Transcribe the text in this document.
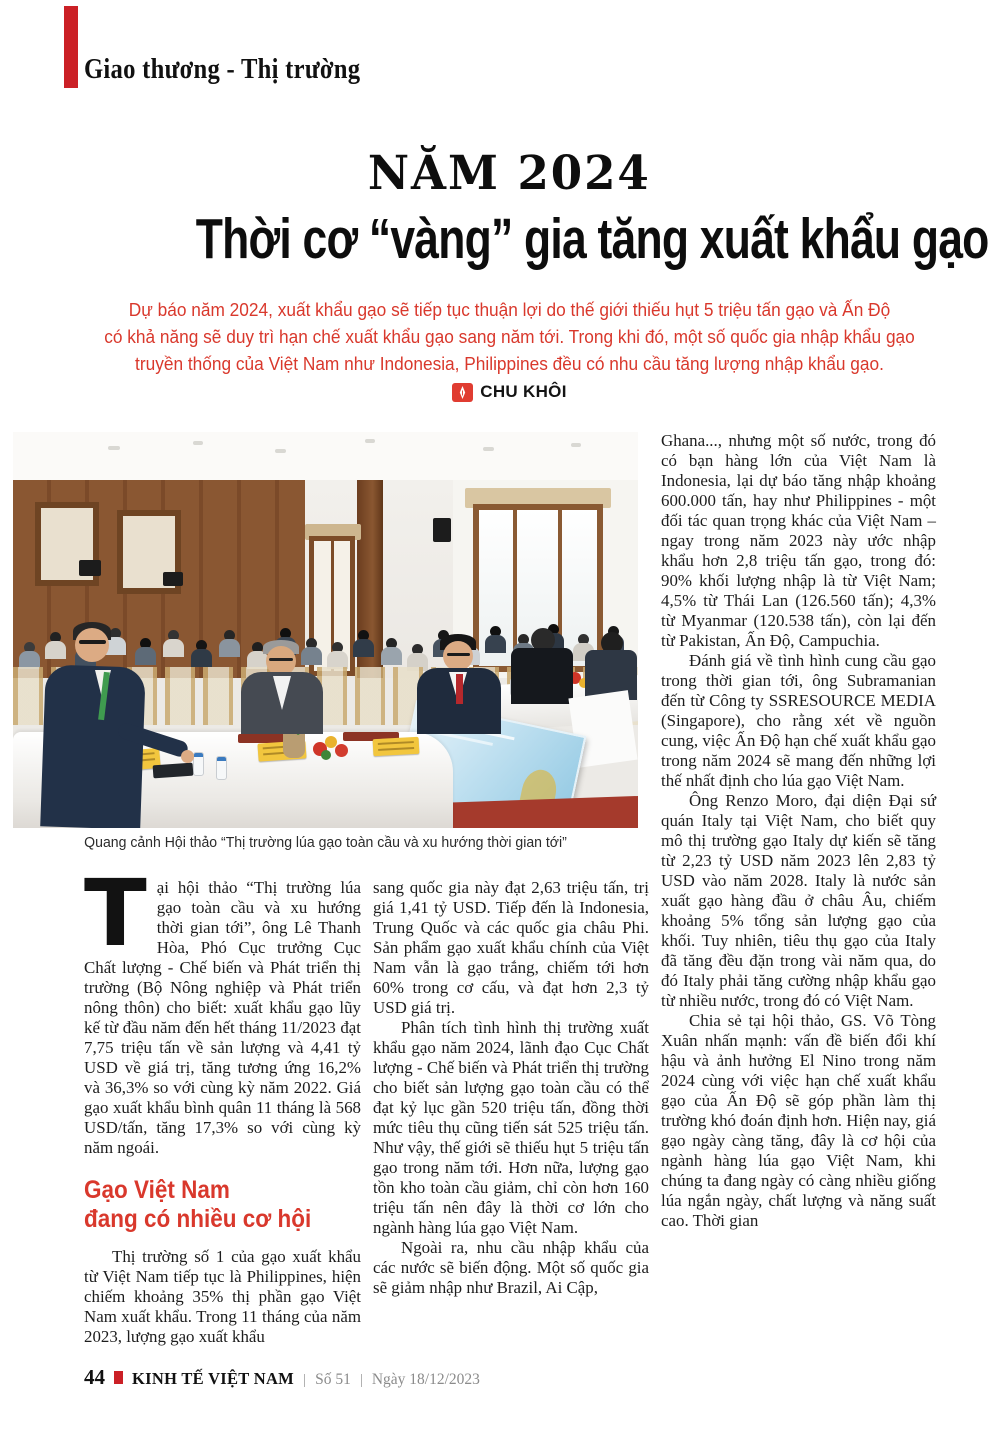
Giao thương - Thị trường
NĂM 2024
Thời cơ “vàng” gia tăng xuất khẩu gạo
Dự báo năm 2024, xuất khẩu gạo sẽ tiếp tục thuận lợi do thế giới thiếu hụt 5 triệu tấn gạo và Ấn Độ
có khả năng sẽ duy trì hạn chế xuất khẩu gạo sang năm tới. Trong khi đó, một số quốc gia nhập khẩu gạo
truyền thống của Việt Nam như Indonesia, Philippines đều có nhu cầu tăng lượng nhập khẩu gạo.
CHU KHÔI
Quang cảnh Hội thảo “Thị trường lúa gạo toàn cầu và xu hướng thời gian tới”

Tại hội thảo “Thị trường lúa gạo toàn cầu và xu hướng thời gian tới”, ông Lê Thanh Hòa, Phó Cục trưởng Cục Chất lượng - Chế biến và Phát triển thị trường (Bộ Nông nghiệp và Phát triển nông thôn) cho biết: xuất khẩu gạo lũy kế từ đầu năm đến hết tháng 11/2023 đạt 7,75 triệu tấn về sản lượng và 4,41 tỷ USD về giá trị, tăng tương ứng 16,2% và 36,3% so với cùng kỳ năm 2022. Giá gạo xuất khẩu bình quân 11 tháng là 568 USD/tấn, tăng 17,3% so với cùng kỳ năm ngoái.

Gạo Việt Nam
đang có nhiều cơ hội

Thị trường số 1 của gạo xuất khẩu từ Việt Nam tiếp tục là Philippines, hiện chiếm khoảng 35% thị phần gạo Việt Nam xuất khẩu. Trong 11 tháng của năm 2023, lượng gạo xuất khẩu

sang quốc gia này đạt 2,63 triệu tấn, trị giá 1,41 tỷ USD. Tiếp đến là Indonesia, Trung Quốc và các quốc gia châu Phi. Sản phẩm gạo xuất khẩu chính của Việt Nam vẫn là gạo trắng, chiếm tới hơn 60% trong cơ cấu, và đạt hơn 2,3 tỷ USD giá trị.

Phân tích tình hình thị trường xuất khẩu gạo năm 2024, lãnh đạo Cục Chất lượng - Chế biến và Phát triển thị trường cho biết sản lượng gạo toàn cầu có thể đạt kỷ lục gần 520 triệu tấn, đồng thời mức tiêu thụ cũng tiến sát 525 triệu tấn. Như vậy, thế giới sẽ thiếu hụt 5 triệu tấn gạo trong năm tới. Hơn nữa, lượng gạo tồn kho toàn cầu giảm, chỉ còn hơn 160 triệu tấn nên đây là thời cơ lớn cho ngành hàng lúa gạo Việt Nam.

Ngoài ra, nhu cầu nhập khẩu của các nước sẽ biến động. Một số quốc gia sẽ giảm nhập như Brazil, Ai Cập,

Ghana..., nhưng một số nước, trong đó có bạn hàng lớn của Việt Nam là Indonesia, lại dự báo tăng nhập khoảng 600.000 tấn, hay như Philippines - một đối tác quan trọng khác của Việt Nam – ngay trong năm 2023 này ước nhập khẩu hơn 2,8 triệu tấn gạo, trong đó: 90% khối lượng nhập là từ Việt Nam; 4,5% từ Thái Lan (126.560 tấn); 4,3% từ Myanmar (120.538 tấn), còn lại đến từ Pakistan, Ấn Độ, Campuchia.

Đánh giá về tình hình cung cầu gạo trong thời gian tới, ông Subramanian đến từ Công ty SSRESOURCE MEDIA (Singapore), cho rằng xét về nguồn cung, việc Ấn Độ hạn chế xuất khẩu gạo trong năm 2024 sẽ mang đến những lợi thế nhất định cho lúa gạo Việt Nam.

Ông Renzo Moro, đại diện Đại sứ quán Italy tại Việt Nam, cho biết quy mô thị trường gạo Italy dự kiến sẽ tăng từ 2,23 tỷ USD năm 2023 lên 2,83 tỷ USD vào năm 2028. Italy là nước sản xuất gạo hàng đầu ở châu Âu, chiếm khoảng 5% tổng sản lượng gạo của khối. Tuy nhiên, tiêu thụ gạo của Italy đã tăng đều đặn trong vài năm qua, do đó Italy phải tăng cường nhập khẩu gạo từ nhiều nước, trong đó có Việt Nam.

Chia sẻ tại hội thảo, GS. Võ Tòng Xuân nhấn mạnh: vấn đề biến đổi khí hậu và ảnh hưởng El Nino trong năm 2024 cùng với việc hạn chế xuất khẩu gạo của Ấn Độ sẽ góp phần làm thị trường khó đoán định hơn. Hiện nay, giá gạo ngày càng tăng, đây là cơ hội của ngành hàng lúa gạo Việt Nam, khi chúng ta đang ngày có càng nhiều giống lúa ngắn ngày, chất lượng và năng suất cao. Thời gian

44 KINH TẾ VIỆT NAM | Số 51 | Ngày 18/12/2023
